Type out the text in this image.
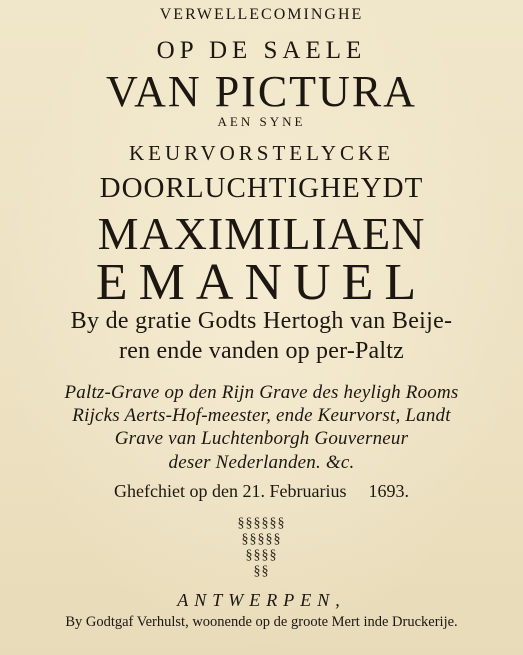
VERWELLECOMINGHE
OP DE SAELE
VAN PICTURA
AEN SYNE
KEURVORSTELYCKE
DOORLUCHTIGHEYDT
MAXIMILIAEN
EMANUEL
By de gratie Godts Hertogh van Beije-
ren ende vanden op per-Paltz
Paltz-Grave op den Rijn Grave des heyligh Rooms
Rijcks Aerts-Hof-meester, ende Keurvorst, Landt
Grave van Luchtenborgh Gouverneur
deser Nederlanden. &c.
Ghefchiet op den 21. Februarius 1693.
§§§§§§
§§§§§
§§§§
§§
ANTWERPEN,
By Godtgaf Verhulst, woonende op de groote Mert inde Druckerije.
